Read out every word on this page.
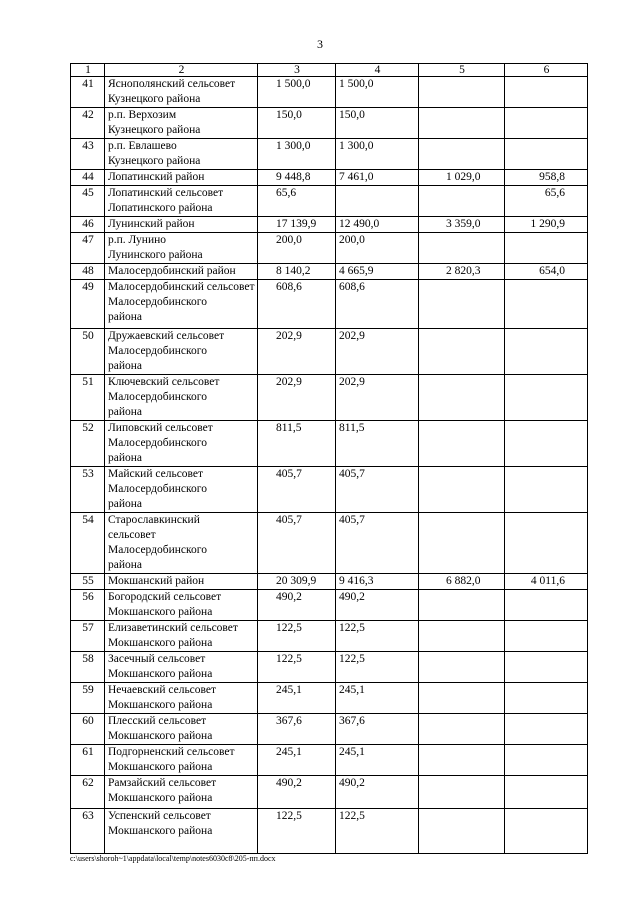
3
1	2	3	4	5	6
41	Яснополянский сельсовет
Кузнецкого района	1 500,0	1 500,0		
42	р.п. Верхозим
Кузнецкого района	150,0	150,0		
43	р.п. Евлашево
Кузнецкого района	1 300,0	1 300,0		
44	Лопатинский район	9 448,8	7 461,0	1 029,0	958,8
45	Лопатинский сельсовет
Лопатинского района	65,6			65,6
46	Лунинский район	17 139,9	12 490,0	3 359,0	1 290,9
47	р.п. Лунино
Лунинского района	200,0	200,0		
48	Малосердобинский район	8 140,2	4 665,9	2 820,3	654,0
49	Малосердобинский сельсовет
Малосердобинского
района	608,6	608,6		
50	Дружаевский сельсовет
Малосердобинского
района	202,9	202,9		
51	Ключевский сельсовет
Малосердобинского
района	202,9	202,9		
52	Липовский сельсовет
Малосердобинского
района	811,5	811,5		
53	Майский сельсовет
Малосердобинского
района	405,7	405,7		
54	Старославкинский
сельсовет
Малосердобинского
района	405,7	405,7		
55	Мокшанский район	20 309,9	9 416,3	6 882,0	4 011,6
56	Богородский сельсовет
Мокшанского района	490,2	490,2		
57	Елизаветинский сельсовет
Мокшанского района	122,5	122,5		
58	Засечный сельсовет
Мокшанского района	122,5	122,5		
59	Нечаевский сельсовет
Мокшанского района	245,1	245,1		
60	Плесский сельсовет
Мокшанского района	367,6	367,6		
61	Подгорненский сельсовет
Мокшанского района	245,1	245,1		
62	Рамзайский сельсовет
Мокшанского района	490,2	490,2		
63	Успенский сельсовет
Мокшанского района	122,5	122,5		
c:\users\shoroh~1\appdata\local\temp\notes6030c8\205-пп.docx
